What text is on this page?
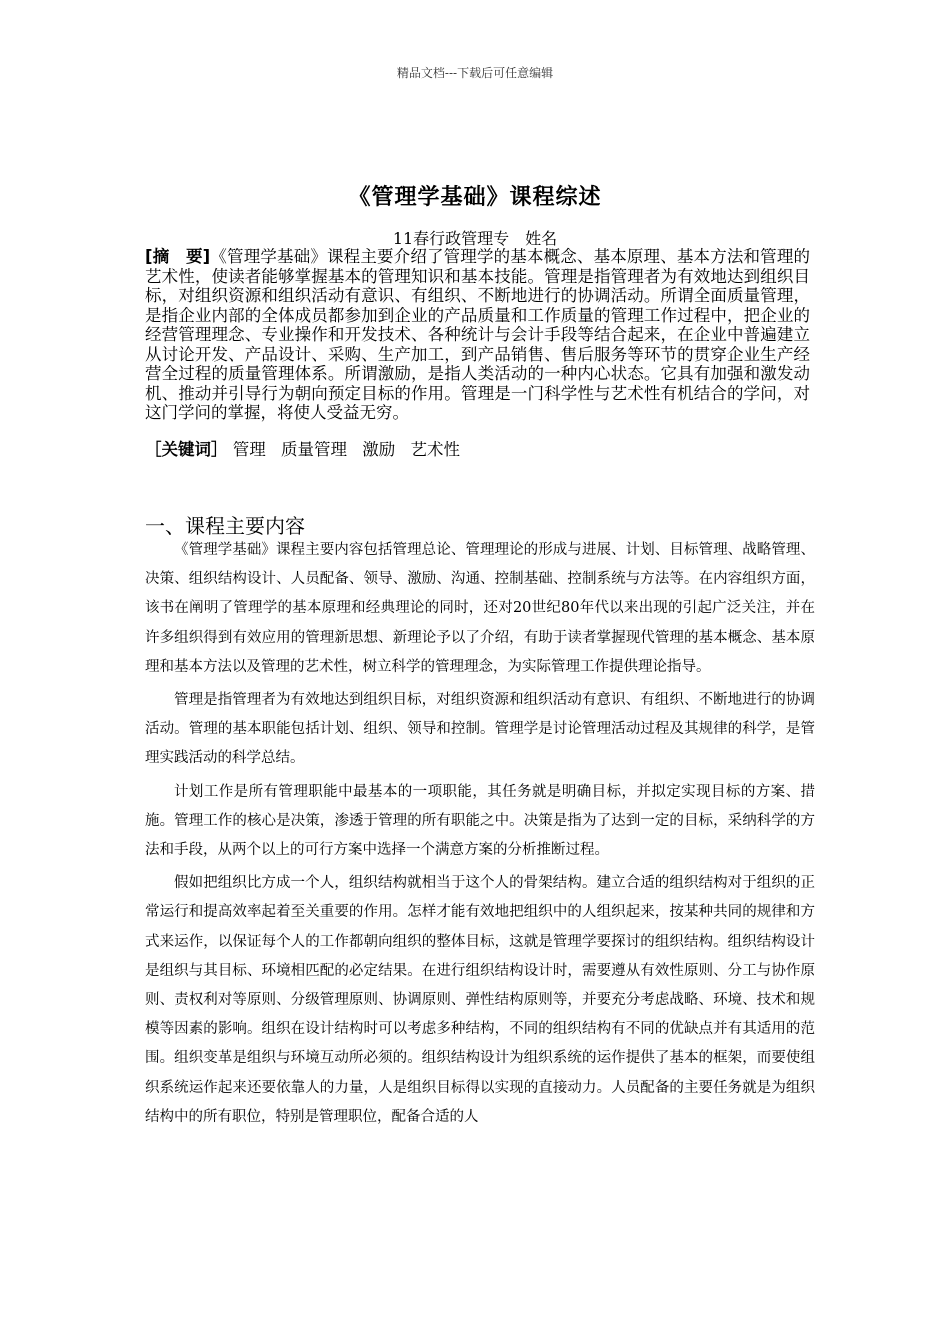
精品文档---下载后可任意编辑
《管理学基础》课程综述
11春行政管理专　姓名
[摘　要]《管理学基础》课程主要介绍了管理学的基本概念、基本原理、基本方法和管理的艺术性，使读者能够掌握基本的管理知识和基本技能。管理是指管理者为有效地达到组织目标，对组织资源和组织活动有意识、有组织、不断地进行的协调活动。所谓全面质量管理，是指企业内部的全体成员都参加到企业的产品质量和工作质量的管理工作过程中，把企业的经营管理理念、专业操作和开发技术、各种统计与会计手段等结合起来，在企业中普遍建立从讨论开发、产品设计、采购、生产加工，到产品销售、售后服务等环节的贯穿企业生产经营全过程的质量管理体系。所谓激励，是指人类活动的一种内心状态。它具有加强和激发动机、推动并引导行为朝向预定目标的作用。管理是一门科学性与艺术性有机结合的学问，对这门学问的掌握，将使人受益无穷。
［关键词］ 管理 质量管理 激励 艺术性
一、课程主要内容

《管理学基础》课程主要内容包括管理总论、管理理论的形成与进展、计划、目标管理、战略管理、决策、组织结构设计、人员配备、领导、激励、沟通、控制基础、控制系统与方法等。在内容组织方面，该书在阐明了管理学的基本原理和经典理论的同时，还对20世纪80年代以来出现的引起广泛关注，并在许多组织得到有效应用的管理新思想、新理论予以了介绍，有助于读者掌握现代管理的基本概念、基本原理和基本方法以及管理的艺术性，树立科学的管理理念，为实际管理工作提供理论指导。

管理是指管理者为有效地达到组织目标，对组织资源和组织活动有意识、有组织、不断地进行的协调活动。管理的基本职能包括计划、组织、领导和控制。管理学是讨论管理活动过程及其规律的科学，是管理实践活动的科学总结。

计划工作是所有管理职能中最基本的一项职能，其任务就是明确目标，并拟定实现目标的方案、措施。管理工作的核心是决策，渗透于管理的所有职能之中。决策是指为了达到一定的目标，采纳科学的方法和手段，从两个以上的可行方案中选择一个满意方案的分析推断过程。

假如把组织比方成一个人，组织结构就相当于这个人的骨架结构。建立合适的组织结构对于组织的正常运行和提高效率起着至关重要的作用。怎样才能有效地把组织中的人组织起来，按某种共同的规律和方式来运作，以保证每个人的工作都朝向组织的整体目标，这就是管理学要探讨的组织结构。组织结构设计是组织与其目标、环境相匹配的必定结果。在进行组织结构设计时，需要遵从有效性原则、分工与协作原则、责权利对等原则、分级管理原则、协调原则、弹性结构原则等，并要充分考虑战略、环境、技术和规模等因素的影响。组织在设计结构时可以考虑多种结构，不同的组织结构有不同的优缺点并有其适用的范围。组织变革是组织与环境互动所必须的。组织结构设计为组织系统的运作提供了基本的框架，而要使组织系统运作起来还要依靠人的力量，人是组织目标得以实现的直接动力。人员配备的主要任务就是为组织结构中的所有职位，特别是管理职位，配备合适的人
